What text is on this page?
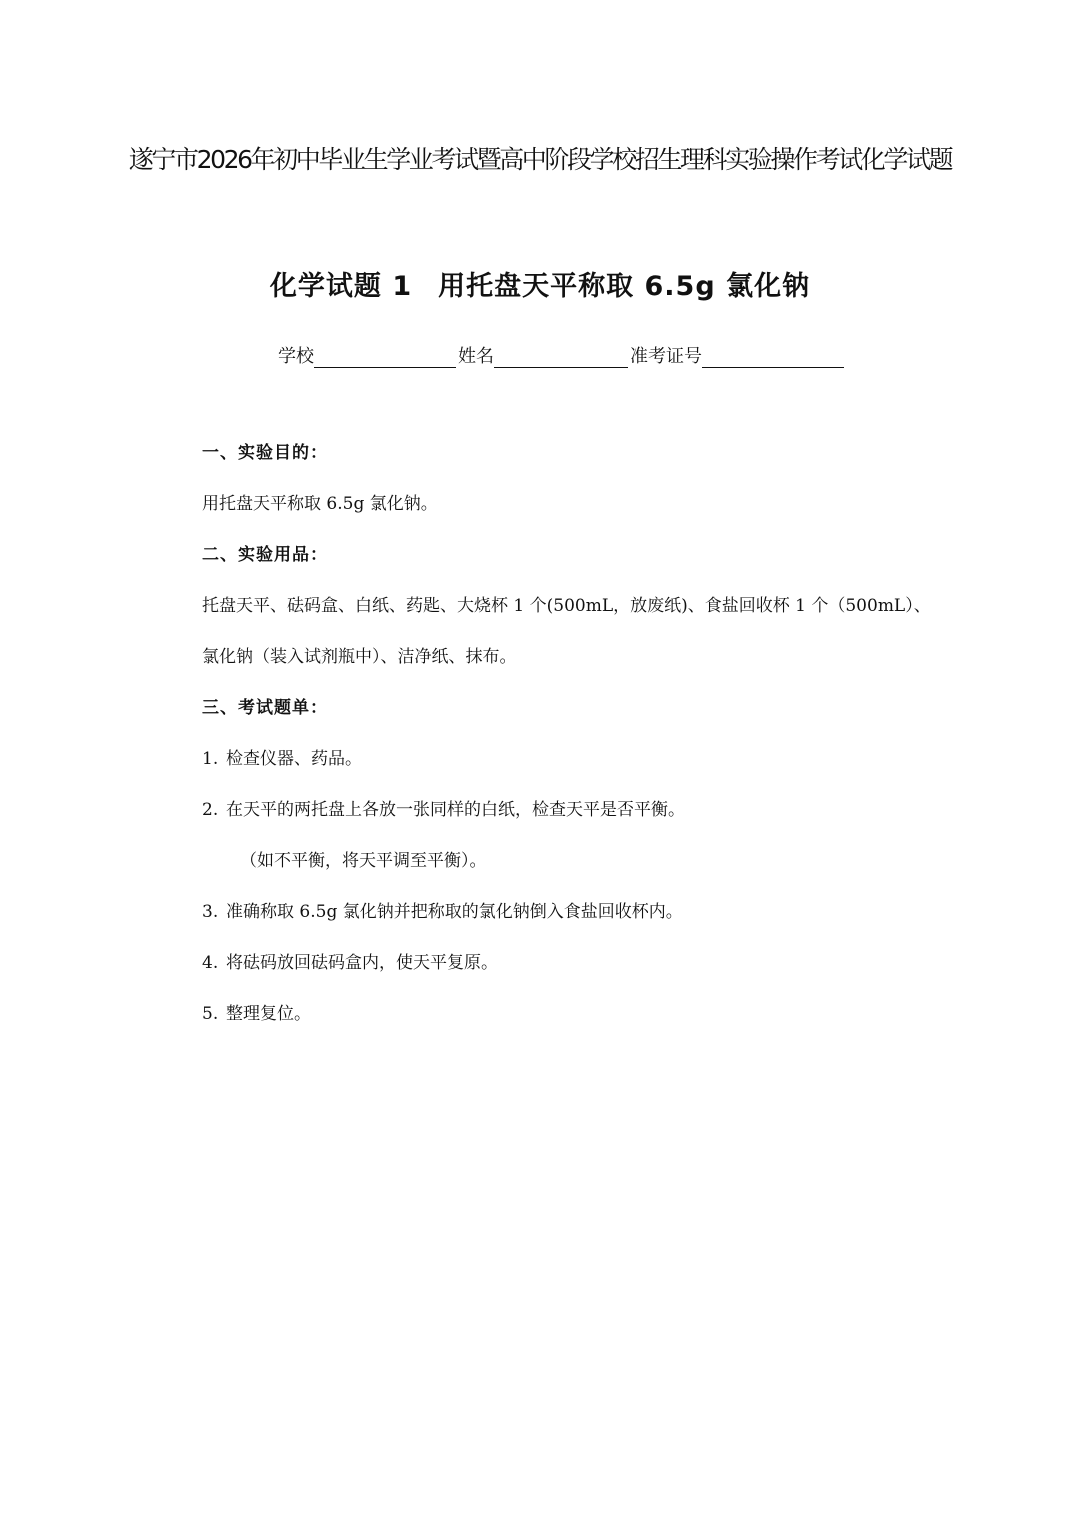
遂宁市2026年初中毕业生学业考试暨高中阶段学校招生理科实验操作考试化学试题
化学试题 1 用托盘天平称取 6.5g 氯化钠
学校	姓名	准考证号
一、实验目的：
用托盘天平称取 6.5g 氯化钠。
二、实验用品：
托盘天平、砝码盒、白纸、药匙、大烧杯 1 个(500mL，放废纸)、食盐回收杯 1 个（500mL）、
氯化钠（装入试剂瓶中）、洁净纸、抹布。
三、考试题单：
1. 检查仪器、药品。
2. 在天平的两托盘上各放一张同样的白纸，检查天平是否平衡。
（如不平衡，将天平调至平衡）。
3. 准确称取 6.5g 氯化钠并把称取的氯化钠倒入食盐回收杯内。
4. 将砝码放回砝码盒内，使天平复原。
5. 整理复位。
